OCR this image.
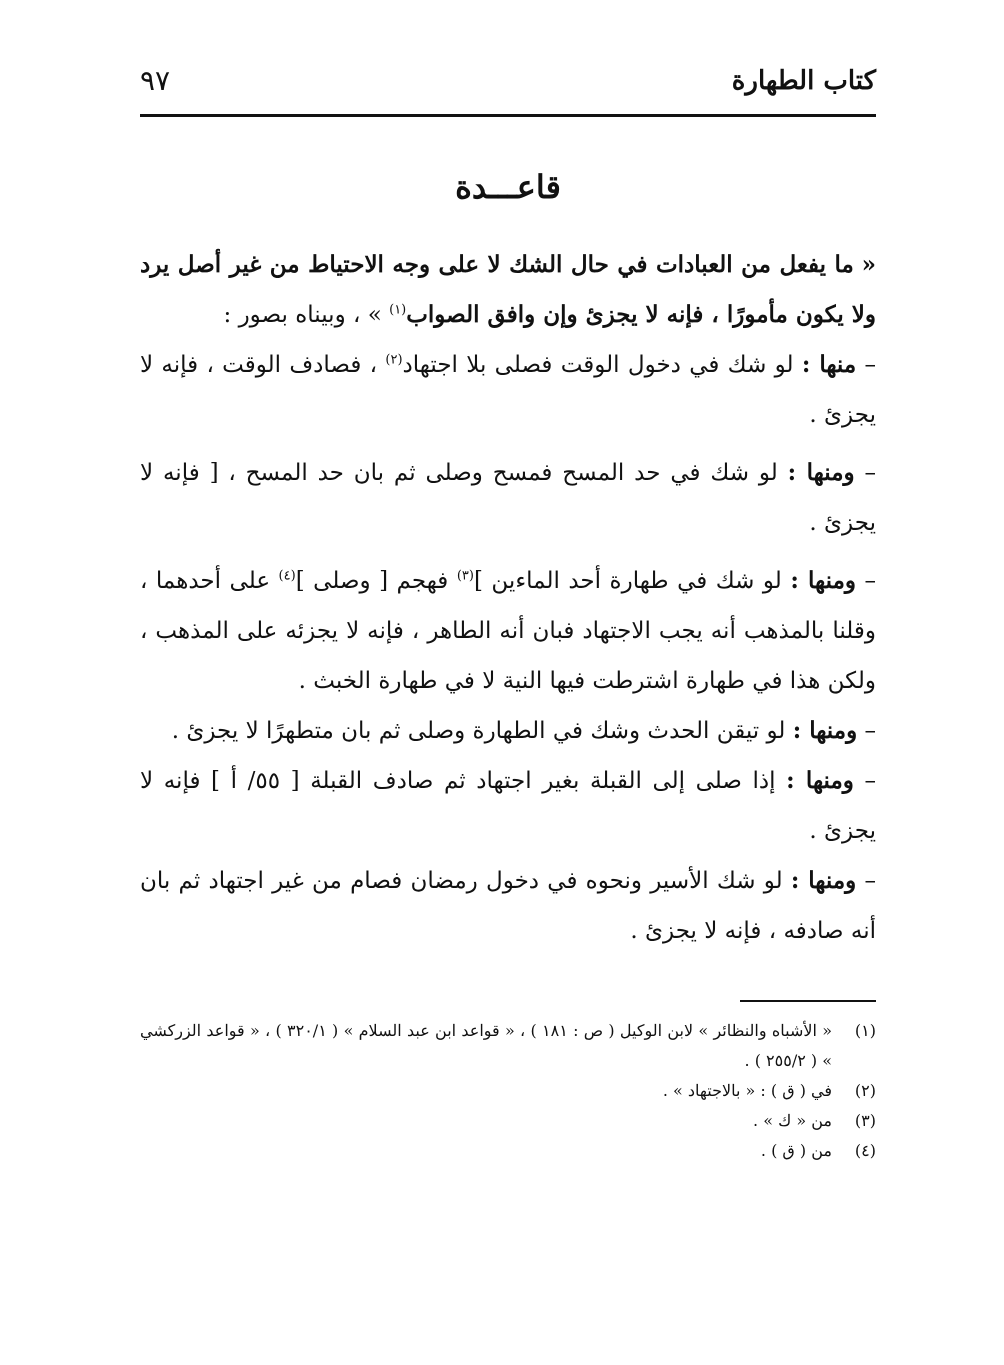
كتاب الطهارة
٩٧
قاعـــدة

« ما يفعل من العبادات في حال الشك لا على وجه الاحتياط من غير أصل يرد ولا يكون مأمورًا ، فإنه لا يجزئ وإن وافق الصواب$^{(١)}$ » ، وبيناه بصور :

– منها : لو شك في دخول الوقت فصلى بلا اجتهاد$^{(٢)}$ ، فصادف الوقت ، فإنه لا يجزئ .

– ومنها : لو شك في حد المسح فمسح وصلى ثم بان حد المسح ، [ فإنه لا يجزئ .

– ومنها : لو شك في طهارة أحد الماءين ]$^{(٣)}$ فهجم [ وصلى ]$^{(٤)}$ على أحدهما ، وقلنا بالمذهب أنه يجب الاجتهاد فبان أنه الطاهر ، فإنه لا يجزئه على المذهب ، ولكن هذا في طهارة اشترطت فيها النية لا في طهارة الخبث .

– ومنها : لو تيقن الحدث وشك في الطهارة وصلى ثم بان متطهرًا لا يجزئ .

– ومنها : إذا صلى إلى القبلة بغير اجتهاد ثم صادف القبلة [ ٥٥/ أ ] فإنه لا يجزئ .

– ومنها : لو شك الأسير ونحوه في دخول رمضان فصام من غير اجتهاد ثم بان أنه صادفه ، فإنه لا يجزئ .

(١)
« الأشباه والنظائر » لابن الوكيل ( ص : ١٨١ ) ، « قواعد ابن عبد السلام » ( ٣٢٠/١ ) ، « قواعد الزركشي » ( ٢٥٥/٢ ) .
(٢)
في ( ق ) : « بالاجتهاد » .
(٣)
من « ك » .
(٤)
من ( ق ) .
